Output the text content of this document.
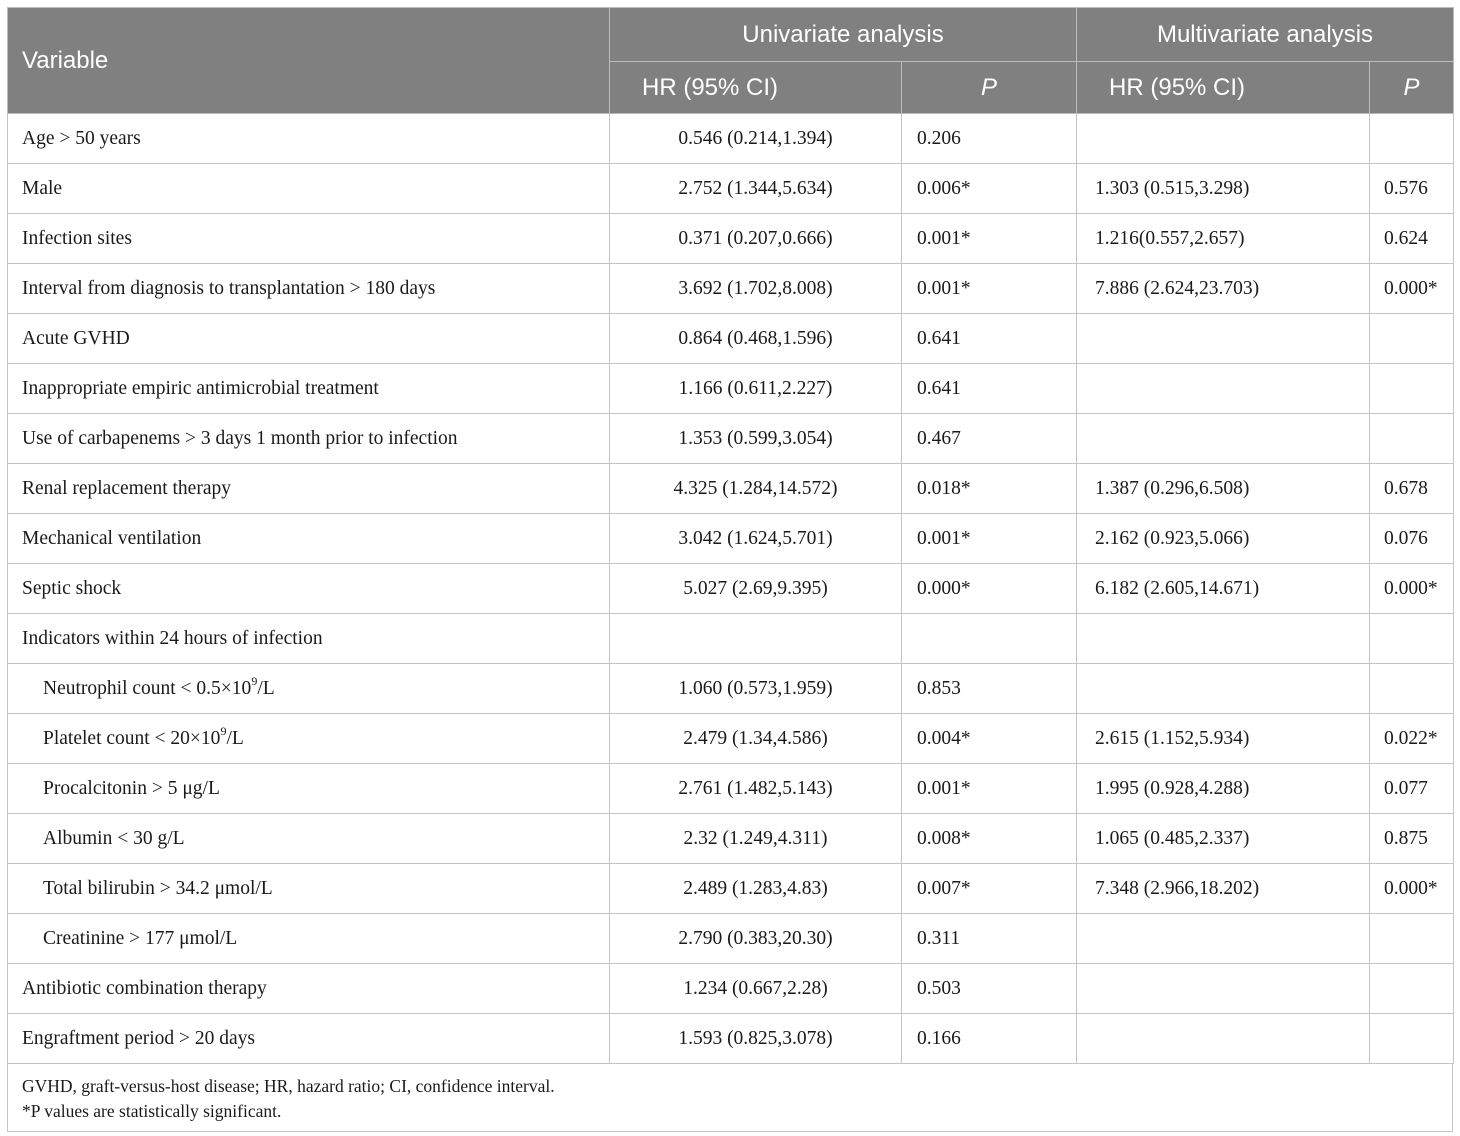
Variable	Univariate analysis		Multivariate analysis	
	HR (95% CI)	P	HR (95% CI)	P
Age > 50 years	0.546 (0.214,1.394)	0.206		
Male	2.752 (1.344,5.634)	0.006*	1.303 (0.515,3.298)	0.576
Infection sites	0.371 (0.207,0.666)	0.001*	1.216(0.557,2.657)	0.624
Interval from diagnosis to transplantation > 180 days	3.692 (1.702,8.008)	0.001*	7.886 (2.624,23.703)	0.000*
Acute GVHD	0.864 (0.468,1.596)	0.641		
Inappropriate empiric antimicrobial treatment	1.166 (0.611,2.227)	0.641		
Use of carbapenems > 3 days 1 month prior to infection	1.353 (0.599,3.054)	0.467		
Renal replacement therapy	4.325 (1.284,14.572)	0.018*	1.387 (0.296,6.508)	0.678
Mechanical ventilation	3.042 (1.624,5.701)	0.001*	2.162 (0.923,5.066)	0.076
Septic shock	5.027 (2.69,9.395)	0.000*	6.182 (2.605,14.671)	0.000*
Indicators within 24 hours of infection				
Neutrophil count < $0.5\times 10^9/L$	1.060 (0.573,1.959)	0.853		
Platelet count < $20\times 10^9/L$	2.479 (1.34,4.586)	0.004*	2.615 (1.152,5.934)	0.022*
Procalcitonin > 5 μg/L	2.761 (1.482,5.143)	0.001*	1.995 (0.928,4.288)	0.077
Albumin < 30 g/L	2.32 (1.249,4.311)	0.008*	1.065 (0.485,2.337)	0.875
Total bilirubin > 34.2 μmol/L	2.489 (1.283,4.83)	0.007*	7.348 (2.966,18.202)	0.000*
Creatinine > 177 μmol/L	2.790 (0.383,20.30)	0.311		
Antibiotic combination therapy	1.234 (0.667,2.28)	0.503		
Engraftment period > 20 days	1.593 (0.825,3.078)	0.166		
GVHD, graft-versus-host disease; HR, hazard ratio; CI, confidence interval.
*P values are statistically significant.
